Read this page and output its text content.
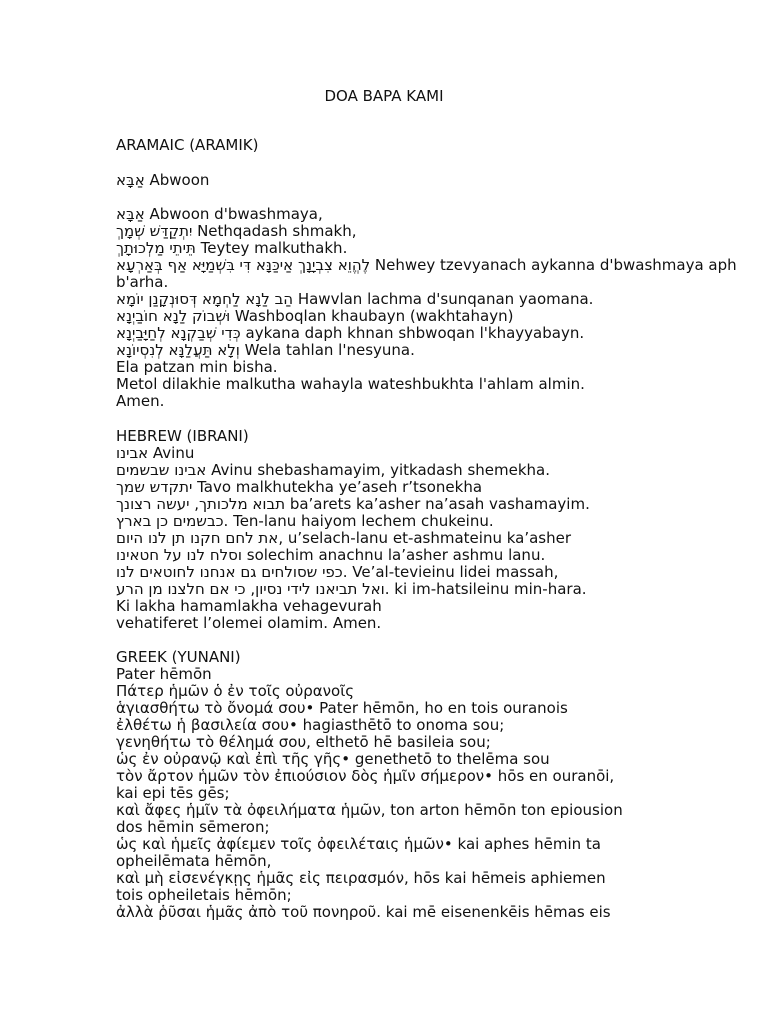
DOA BAPA KAMI
ARAMAIC (ARAMIK)
אַבָּא Abwoon
אַבָּא Abwoon d'bwashmaya,
יִתְקַדַּשׁ שְׁמָךְ Nethqadash shmakh,
תֵּיתֵי מַלְכוּתָךְ Teytey malkuthakh.
לֶהֱוֵא צִבְיָנָךְ אַיכַּנָּא דִּי בִּשְׁמַיָּא אַף בְּאַרְעָא Nehwey tzevyanach aykanna d'bwashmaya aph
b'arha.
הַב לַנָא לַחְמָא דְּסוּנְקָנַן יוֹמָא Hawvlan lachma d'sunqanan yaomana.
וּשְׁבוֹק לַנָא חוֹבַיְנָא Washboqlan khaubayn (wakhtahayn)
כְּדִי שְׁבַקְנָא לְחַיָּבַיְנָא aykana daph khnan shbwoqan l'khayyabayn.
וְלָא תַּעֲלַנָּא לְנִסְיוֹנָא Wela tahlan l'nesyuna.
Ela patzan min bisha.
Metol dilakhie malkutha wahayla wateshbukhta l'ahlam almin.
Amen.
HEBREW (IBRANI)
אבינו Avinu
אבינו שבשמים Avinu shebashamayim, yitkadash shemekha.
יתקדש שמך Tavo malkhutekha ye’aseh r’tsonekha
תבוא מלכותך, יעשה רצונך ba’arets ka’asher na’asah vashamayim.
כבשמים כן בארץ. Ten-lanu haiyom lechem chukeinu.
את לחם חקנו תן לנו היום, u’selach-lanu et-ashmateinu ka’asher
וסלח לנו על חטאינו solechim anachnu la’asher ashmu lanu.
כפי שסולחים גם אנחנו לחוטאים לנו. Ve’al-tevieinu lidei massah,
ואל תביאנו לידי נסיון, כי אם חלצנו מן הרע. ki im-hatsileinu min-hara.
Ki lakha hamamlakha vehagevurah
vehatiferet l’olemei olamim. Amen.
GREEK (YUNANI)
Pater hēmōn
Πάτερ ἡμῶν ὁ ἐν τοῖς οὐρανοῖς
ἁγιασθήτω τὸ ὄνομά σου• Pater hēmōn, ho en tois ouranois
ἐλθέτω ἡ βασιλεία σου• hagiasthētō to onoma sou;
γενηθήτω τὸ θέλημά σου, elthetō hē basileia sou;
ὡς ἐν οὐρανῷ καὶ ἐπὶ τῆς γῆς• genethetō to thelēma sou
τὸν ἄρτον ἡμῶν τὸν ἐπιούσιον δὸς ἡμῖν σήμερον• hōs en ouranōi,
kai epi tēs gēs;
καὶ ἄφες ἡμῖν τὰ ὀφειλήματα ἡμῶν, ton arton hēmōn ton epiousion
dos hēmin sēmeron;
ὡς καὶ ἡμεῖς ἀφίεμεν τοῖς ὀφειλέταις ἡμῶν• kai aphes hēmin ta
opheilēmata hēmōn,
καὶ μὴ εἰσενέγκῃς ἡμᾶς εἰς πειρασμόν, hōs kai hēmeis aphiemen
tois opheiletais hēmōn;
ἀλλὰ ῥῦσαι ἡμᾶς ἀπὸ τοῦ πονηροῦ. kai mē eisenenkēis hēmas eis
